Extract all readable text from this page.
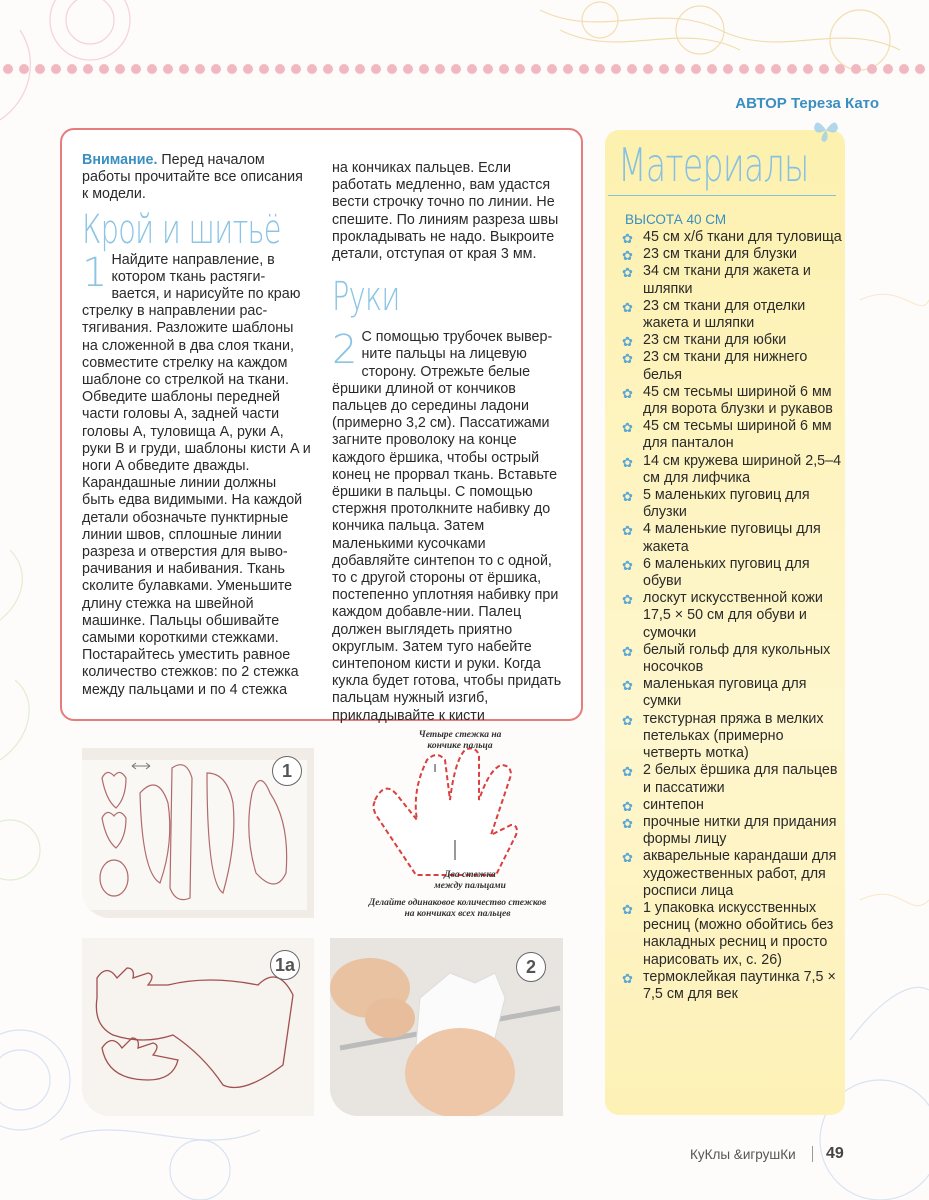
АВТОР Тереза Като

Внимание. Перед началом работы прочитайте все описания к модели.

Крой и шитьё

1 Найдите направление, в котором ткань растяги-вается, и нарисуйте по краю стрелку в направлении рас-тягивания. Разложите шаблоны на сложенной в два слоя ткани, совместите стрелку на каждом шаблоне со стрелкой на ткани. Обведите шаблоны передней части головы A, задней части головы A, туловища A, руки A, руки B и груди, шаблоны кисти A и ноги A обведите дважды. Карандашные линии должны быть едва видимыми. На каждой детали обозначьте пунктирные линии швов, сплошные линии разреза и отверстия для выво-рачивания и набивания. Ткань сколите булавками. Уменьшите длину стежка на швейной машинке. Пальцы обшивайте самыми короткими стежками. Постарайтесь уместить равное количество стежков: по 2 стежка между пальцами и по 4 стежка

на кончиках пальцев. Если работать медленно, вам удастся вести строчку точно по линии. Не спешите. По линиям разреза швы прокладывать не надо. Выкроите детали, отступая от края 3 мм.

Руки

2 С помощью трубочек вывер-ните пальцы на лицевую сторону. Отрежьте белые ёршики длиной от кончиков пальцев до середины ладони (примерно 3,2 см). Пассатижами загните проволоку на конце каждого ёршика, чтобы острый конец не прорвал ткань. Вставьте ёршики в пальцы. С помощью стержня протолкните набивку до кончика пальца. Затем маленькими кусочками добавляйте синтепон то с одной, то с другой стороны от ёршика, постепенно уплотняя набивку при каждом добавле-нии. Палец должен выглядеть приятно округлым. Затем туго набейте синтепоном кисти и руки. Когда кукла будет готова, чтобы придать пальцам нужный изгиб, прикладывайте к кисти

1
Четыре стежка на кончике пальца
Два стежка между пальцами
Делайте одинаковое количество стежков на кончиках всех пальцев
1a	2
Материалы
ВЫСОТА 40 СМ
✿ 45 см х/б ткани для туловища
✿ 23 см ткани для блузки
✿ 34 см ткани для жакета и шляпки
✿ 23 см ткани для отделки жакета и шляпки
✿ 23 см ткани для юбки
✿ 23 см ткани для нижнего белья
✿ 45 см тесьмы шириной 6 мм для ворота блузки и рукавов
✿ 45 см тесьмы шириной 6 мм для панталон
✿ 14 см кружева шириной 2,5–4 см для лифчика
✿ 5 маленьких пуговиц для блузки
✿ 4 маленькие пуговицы для жакета
✿ 6 маленьких пуговиц для обуви
✿ лоскут искусственной кожи 17,5 × 50 см для обуви и сумочки
✿ белый гольф для кукольных носочков
✿ маленькая пуговица для сумки
✿ текстурная пряжа в мелких петельках (примерно четверть мотка)
✿ 2 белых ёршика для пальцев и пассатижи
✿ синтепон
✿ прочные нитки для придания формы лицу
✿ акварельные карандаши для художественных работ, для росписи лица
✿ 1 упаковка искусственных ресниц (можно обойтись без накладных ресниц и просто нарисовать их, с. 26)
✿ термоклейкая паутинка 7,5 × 7,5 см для век
КуКлы &игрушКи 49
